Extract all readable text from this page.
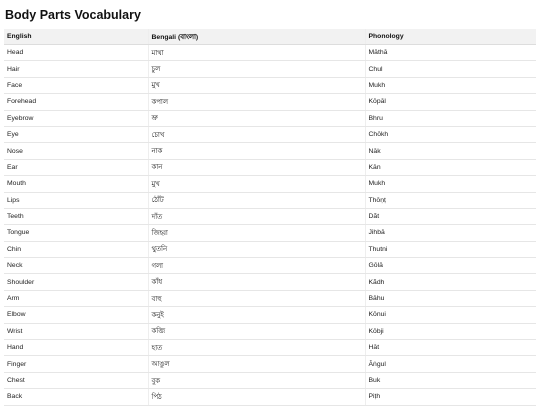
Body Parts Vocabulary
English	Bengali (বাংলা)	Phonology
Head	মাথা	Māthā
Hair	চুল	Chul
Face	মুখ	Mukh
Forehead	কপাল	Kōpāl
Eyebrow	ভ্রু	Bhru
Eye	চোখ	Chōkh
Nose	নাক	Nāk
Ear	কান	Kān
Mouth	মুখ	Mukh
Lips	ঠোঁট	Thōṇṭ
Teeth	দাঁত	Dãt
Tongue	জিহ্বা	Jihbā
Chin	থুতনি	Thutni
Neck	গলা	Gōlā
Shoulder	কাঁধ	Kãdh
Arm	বাহু	Bāhu
Elbow	কনুই	Kōnui
Wrist	কব্জি	Kōbji
Hand	হাত	Hāt
Finger	আঙুল	Āṅgul
Chest	বুক	Buk
Back	পিঠ	Piṭh
